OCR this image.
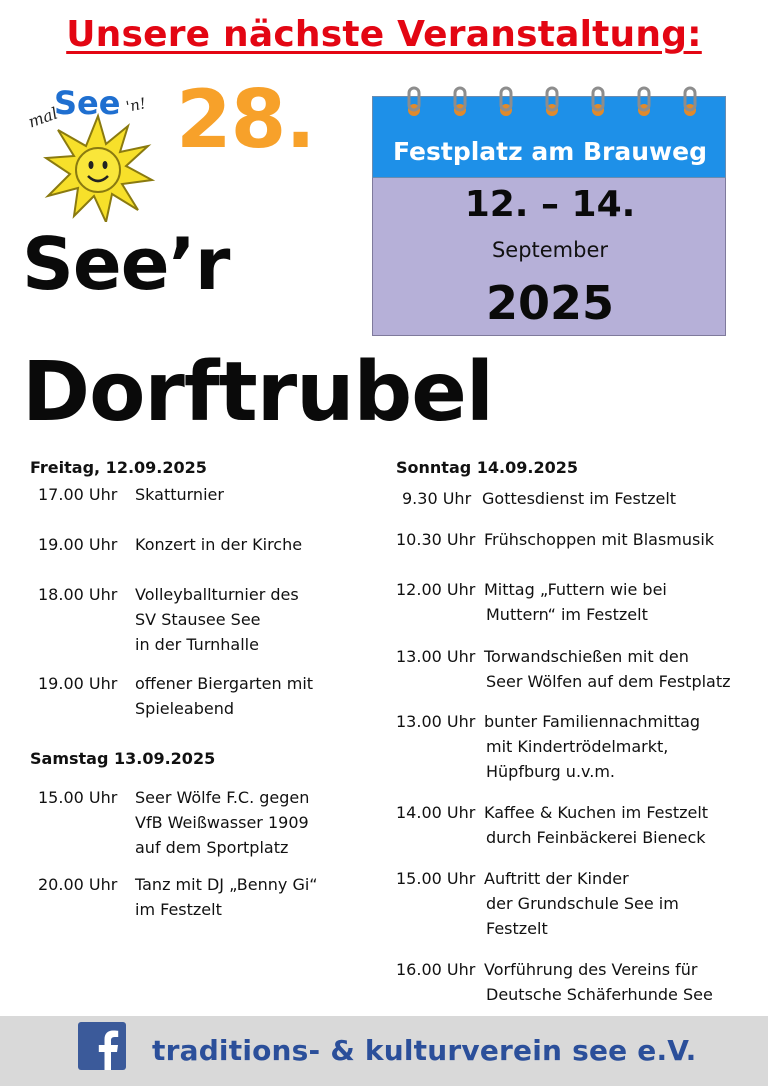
Unsere nächste Veranstaltung:
mal
See 'n! 28.
See’r
Dorftrubel
Festplatz am Brauweg
12. – 14.
September
2025
Freitag, 12.09.2025
17.00 Uhr Skatturnier
19.00 Uhr Konzert in der Kirche
18.00 Uhr Volleyballturnier des
SV Stausee See
in der Turnhalle
19.00 Uhr offener Biergarten mit
Spieleabend
Samstag 13.09.2025
15.00 Uhr Seer Wölfe F.C. gegen
VfB Weißwasser 1909
auf dem Sportplatz
20.00 Uhr Tanz mit DJ „Benny Gi“
im Festzelt
Sonntag 14.09.2025
9.30 Uhr Gottesdienst im Festzelt
10.30 Uhr Frühschoppen mit Blasmusik
12.00 Uhr Mittag „Futtern wie bei
Muttern“ im Festzelt
13.00 Uhr Torwandschießen mit den
Seer Wölfen auf dem Festplatz
13.00 Uhr bunter Familiennachmittag
mit Kindertrödelmarkt,
Hüpfburg u.v.m.
14.00 Uhr Kaffee & Kuchen im Festzelt
durch Feinbäckerei Bieneck
15.00 Uhr Auftritt der Kinder
der Grundschule See im
Festzelt
16.00 Uhr Vorführung des Vereins für
Deutsche Schäferhunde See
traditions- & kulturverein see e.V.
